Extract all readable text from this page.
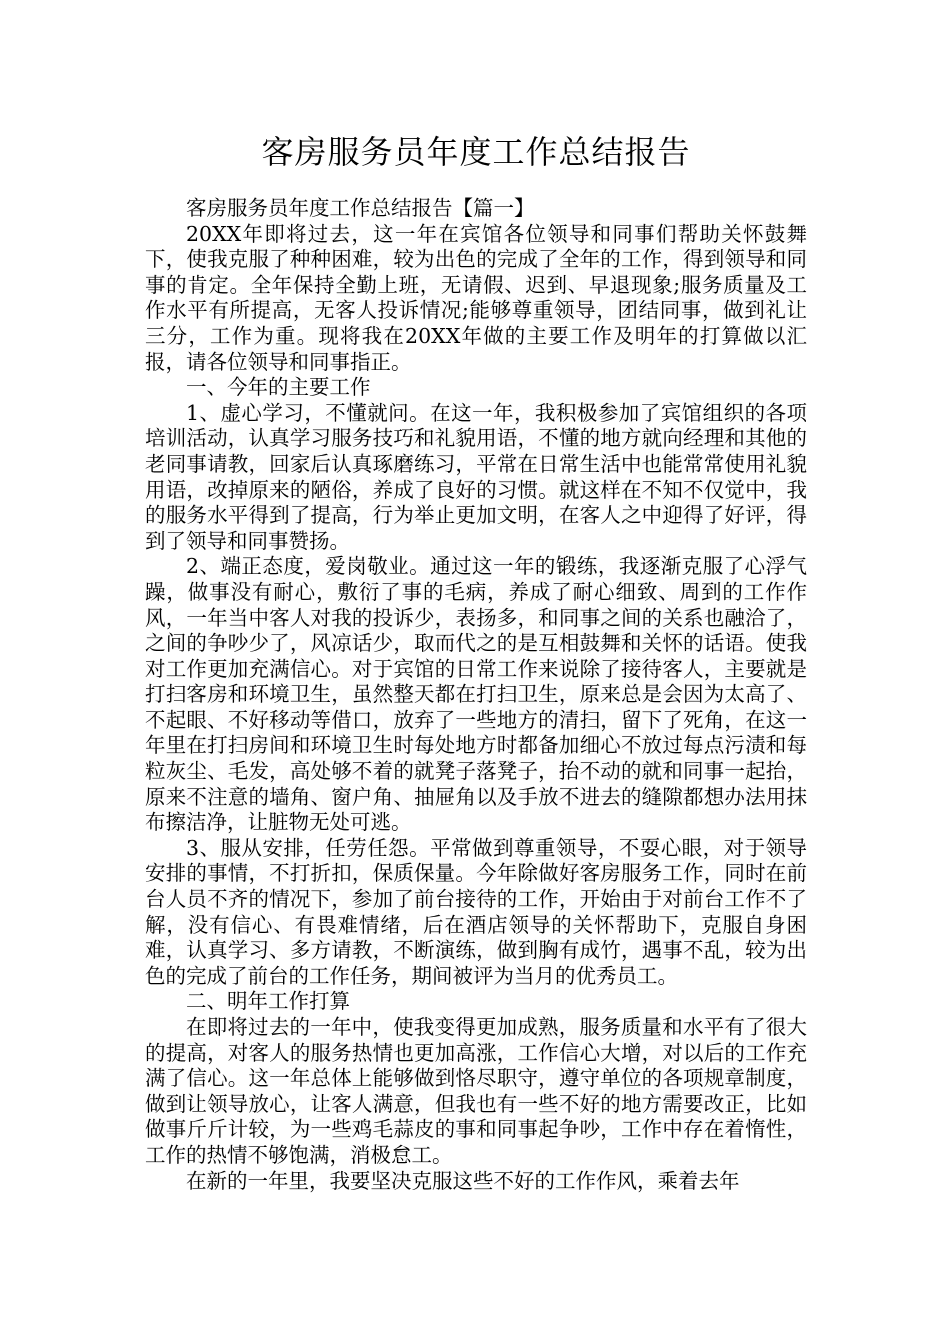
客房服务员年度工作总结报告

客房服务员年度工作总结报告【篇一】

20XX年即将过去，这一年在宾馆各位领导和同事们帮助关怀鼓舞下，使我克服了种种困难，较为出色的完成了全年的工作，得到领导和同事的肯定。全年保持全勤上班，无请假、迟到、早退现象;服务质量及工作水平有所提高，无客人投诉情况;能够尊重领导，团结同事，做到礼让三分，工作为重。现将我在20XX年做的主要工作及明年的打算做以汇报，请各位领导和同事指正。

一、今年的主要工作

1、虚心学习，不懂就问。在这一年，我积极参加了宾馆组织的各项培训活动，认真学习服务技巧和礼貌用语，不懂的地方就向经理和其他的老同事请教，回家后认真琢磨练习，平常在日常生活中也能常常使用礼貌用语，改掉原来的陋俗，养成了良好的习惯。就这样在不知不仅觉中，我的服务水平得到了提高，行为举止更加文明，在客人之中迎得了好评，得到了领导和同事赞扬。

2、端正态度，爱岗敬业。通过这一年的锻练，我逐渐克服了心浮气躁，做事没有耐心，敷衍了事的毛病，养成了耐心细致、周到的工作作风，一年当中客人对我的投诉少，表扬多，和同事之间的关系也融洽了，之间的争吵少了，风凉话少，取而代之的是互相鼓舞和关怀的话语。使我对工作更加充满信心。对于宾馆的日常工作来说除了接待客人，主要就是打扫客房和环境卫生，虽然整天都在打扫卫生，原来总是会因为太高了、不起眼、不好移动等借口，放弃了一些地方的清扫，留下了死角，在这一年里在打扫房间和环境卫生时每处地方时都备加细心不放过每点污渍和每粒灰尘、毛发，高处够不着的就凳子落凳子，抬不动的就和同事一起抬，原来不注意的墙角、窗户角、抽屉角以及手放不进去的缝隙都想办法用抹布擦洁净，让脏物无处可逃。

3、服从安排，任劳任怨。平常做到尊重领导，不耍心眼，对于领导安排的事情，不打折扣，保质保量。今年除做好客房服务工作，同时在前台人员不齐的情况下，参加了前台接待的工作，开始由于对前台工作不了解，没有信心、有畏难情绪，后在酒店领导的关怀帮助下，克服自身困难，认真学习、多方请教，不断演练，做到胸有成竹，遇事不乱，较为出色的完成了前台的工作任务，期间被评为当月的优秀员工。

二、明年工作打算

在即将过去的一年中，使我变得更加成熟，服务质量和水平有了很大的提高，对客人的服务热情也更加高涨，工作信心大增，对以后的工作充满了信心。这一年总体上能够做到恪尽职守，遵守单位的各项规章制度，做到让领导放心，让客人满意，但我也有一些不好的地方需要改正，比如做事斤斤计较，为一些鸡毛蒜皮的事和同事起争吵，工作中存在着惰性，工作的热情不够饱满，消极怠工。

在新的一年里，我要坚决克服这些不好的工作作风，乘着去年
